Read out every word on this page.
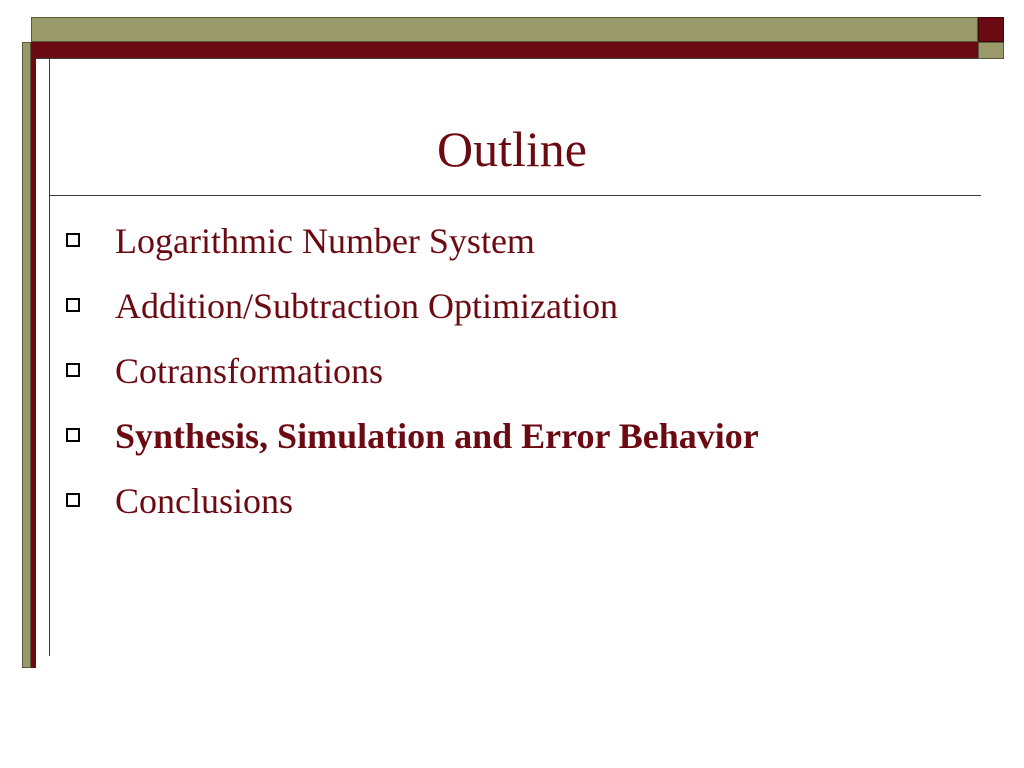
Outline
Logarithmic Number System
Addition/Subtraction Optimization
Cotransformations
Synthesis, Simulation and Error Behavior
Conclusions
